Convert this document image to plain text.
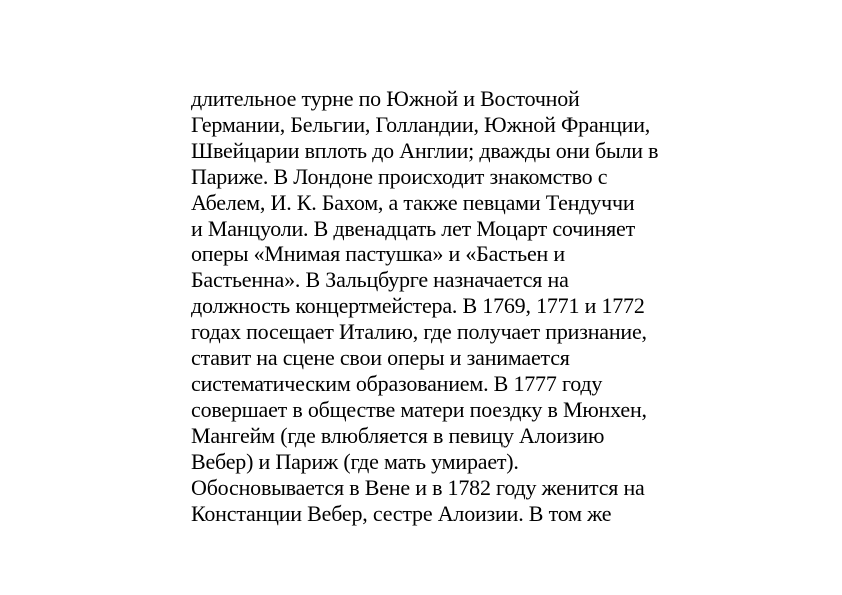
длительное турне по Южной и Восточной
Германии, Бельгии, Голландии, Южной Франции,
Швейцарии вплоть до Англии; дважды они были в
Париже. В Лондоне происходит знакомство с
Абелем, И. К. Бахом, а также певцами Тендуччи
и Манцуоли. В двенадцать лет Моцарт сочиняет
оперы «Мнимая пастушка» и «Бастьен и
Бастьенна». В Зальцбурге назначается на
должность концертмейстера. В 1769, 1771 и 1772
годах посещает Италию, где получает признание,
ставит на сцене свои оперы и занимается
систематическим образованием. В 1777 году
совершает в обществе матери поездку в Мюнхен,
Мангейм (где влюбляется в певицу Алоизию
Вебер) и Париж (где мать умирает).
Обосновывается в Вене и в 1782 году женится на
Констанции Вебер, сестре Алоизии. В том же
